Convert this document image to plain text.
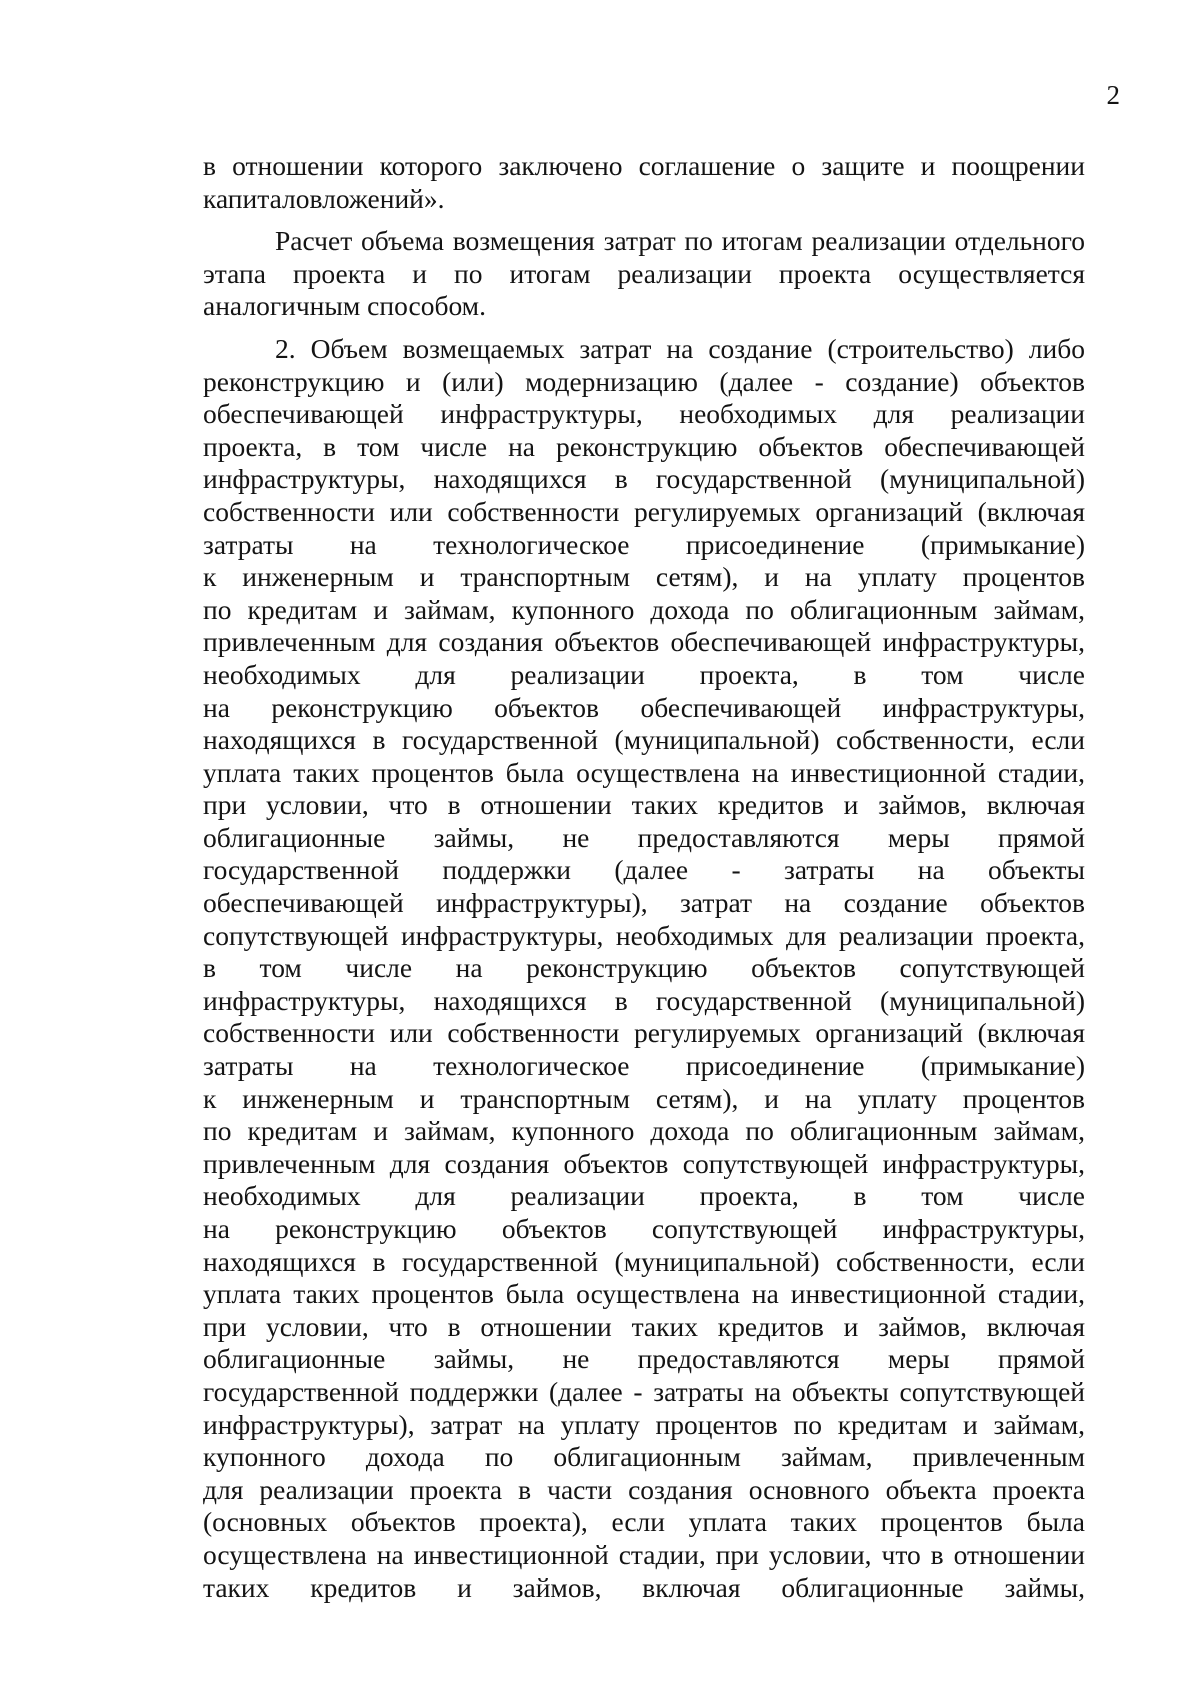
2
в отношении которого заключено соглашение о защите и поощрении
капиталовложений».
Расчет объема возмещения затрат по итогам реализации отдельного
этапа проекта и по итогам реализации проекта осуществляется
аналогичным способом.
2. Объем возмещаемых затрат на создание (строительство) либо
реконструкцию и (или) модернизацию (далее - создание) объектов
обеспечивающей инфраструктуры, необходимых для реализации
проекта, в том числе на реконструкцию объектов обеспечивающей
инфраструктуры, находящихся в государственной (муниципальной)
собственности или собственности регулируемых организаций (включая
затраты на технологическое присоединение (примыкание)
к инженерным и транспортным сетям), и на уплату процентов
по кредитам и займам, купонного дохода по облигационным займам,
привлеченным для создания объектов обеспечивающей инфраструктуры,
необходимых для реализации проекта, в том числе
на реконструкцию объектов обеспечивающей инфраструктуры,
находящихся в государственной (муниципальной) собственности, если
уплата таких процентов была осуществлена на инвестиционной стадии,
при условии, что в отношении таких кредитов и займов, включая
облигационные займы, не предоставляются меры прямой
государственной поддержки (далее - затраты на объекты
обеспечивающей инфраструктуры), затрат на создание объектов
сопутствующей инфраструктуры, необходимых для реализации проекта,
в том числе на реконструкцию объектов сопутствующей
инфраструктуры, находящихся в государственной (муниципальной)
собственности или собственности регулируемых организаций (включая
затраты на технологическое присоединение (примыкание)
к инженерным и транспортным сетям), и на уплату процентов
по кредитам и займам, купонного дохода по облигационным займам,
привлеченным для создания объектов сопутствующей инфраструктуры,
необходимых для реализации проекта, в том числе
на реконструкцию объектов сопутствующей инфраструктуры,
находящихся в государственной (муниципальной) собственности, если
уплата таких процентов была осуществлена на инвестиционной стадии,
при условии, что в отношении таких кредитов и займов, включая
облигационные займы, не предоставляются меры прямой
государственной поддержки (далее - затраты на объекты сопутствующей
инфраструктуры), затрат на уплату процентов по кредитам и займам,
купонного дохода по облигационным займам, привлеченным
для реализации проекта в части создания основного объекта проекта
(основных объектов проекта), если уплата таких процентов была
осуществлена на инвестиционной стадии, при условии, что в отношении
таких кредитов и займов, включая облигационные займы,
